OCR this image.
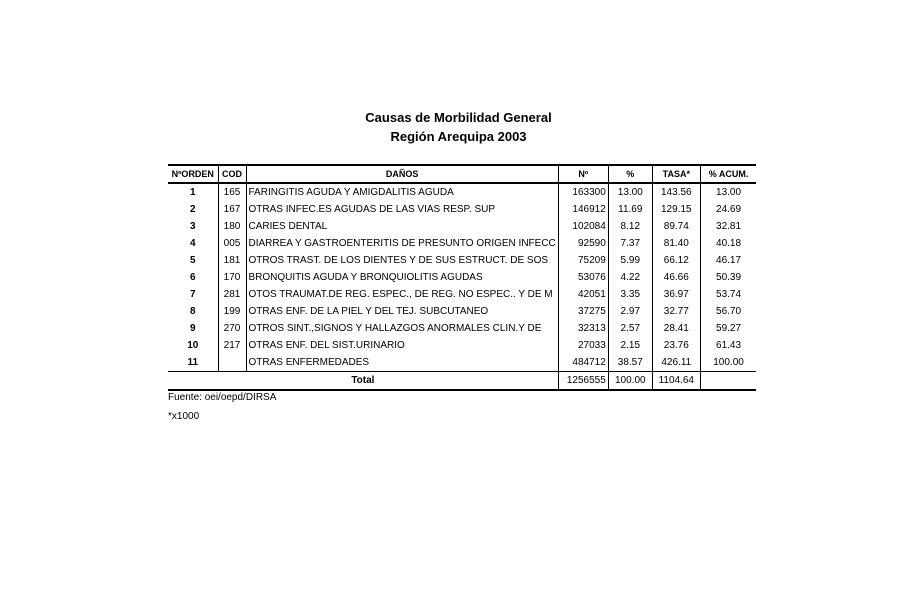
Causas de Morbilidad General
Región Arequipa 2003
NºORDEN	COD	DAÑOS	Nº	%	TASA*	% ACUM.
1	165	FARINGITIS AGUDA Y AMIGDALITIS AGUDA	163300	13.00	143.56	13.00
2	167	OTRAS INFEC.ES AGUDAS DE LAS VIAS RESP. SUP	146912	11.69	129.15	24.69
3	180	CARIES DENTAL	102084	8.12	89.74	32.81
4	005	DIARREA Y GASTROENTERITIS DE PRESUNTO ORIGEN INFECC	92590	7.37	81.40	40.18
5	181	OTROS TRAST. DE LOS DIENTES Y DE SUS ESTRUCT. DE SOS	75209	5.99	66.12	46.17
6	170	BRONQUITIS AGUDA Y BRONQUIOLITIS AGUDAS	53076	4.22	46.66	50.39
7	281	OTOS TRAUMAT.DE REG. ESPEC., DE REG. NO ESPEC.. Y DE M	42051	3.35	36.97	53.74
8	199	OTRAS ENF. DE LA PIEL Y DEL TEJ. SUBCUTANEO	37275	2.97	32.77	56.70
9	270	OTROS SINT.,SIGNOS Y HALLAZGOS ANORMALES CLIN.Y DE	32313	2.57	28.41	59.27
10	217	OTRAS ENF. DEL SIST.URINARIO	27033	2.15	23.76	61.43
11		OTRAS ENFERMEDADES	484712	38.57	426.11	100.00
Total			1256555	100.00	1104.64	
Fuente: oei/oepd/DIRSA
*x1000
